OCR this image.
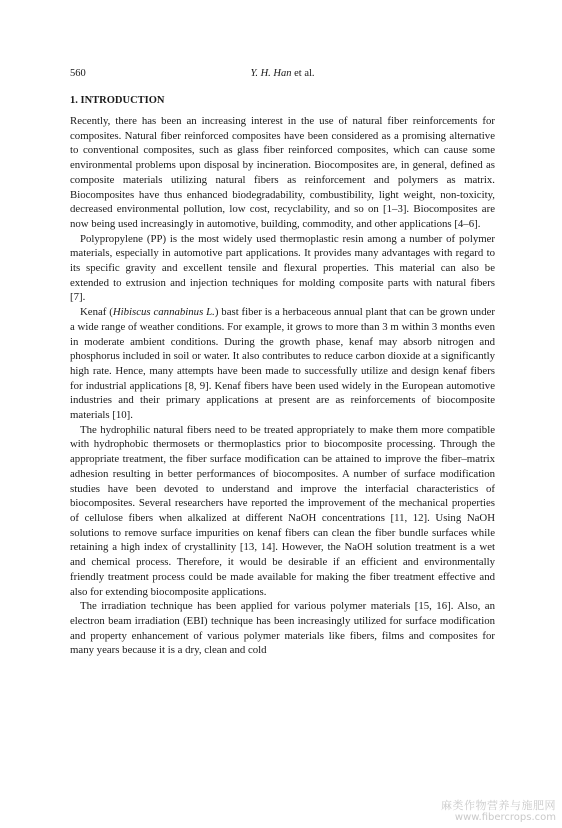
560	Y. H. Han et al.
1. INTRODUCTION

Recently, there has been an increasing interest in the use of natural fiber reinforcements for composites. Natural fiber reinforced composites have been considered as a promising alternative to conventional composites, such as glass fiber reinforced composites, which can cause some environmental problems upon disposal by incineration. Biocomposites are, in general, defined as composite materials utilizing natural fibers as reinforcement and polymers as matrix. Biocomposites have thus enhanced biodegradability, combustibility, light weight, non-toxicity, decreased environmental pollution, low cost, recyclability, and so on [1–3]. Biocomposites are now being used increasingly in automotive, building, commodity, and other applications [4–6].

Polypropylene (PP) is the most widely used thermoplastic resin among a number of polymer materials, especially in automotive part applications. It provides many advantages with regard to its specific gravity and excellent tensile and flexural properties. This material can also be extended to extrusion and injection techniques for molding composite parts with natural fibers [7].

Kenaf (Hibiscus cannabinus L.) bast fiber is a herbaceous annual plant that can be grown under a wide range of weather conditions. For example, it grows to more than 3 m within 3 months even in moderate ambient conditions. During the growth phase, kenaf may absorb nitrogen and phosphorus included in soil or water. It also contributes to reduce carbon dioxide at a significantly high rate. Hence, many attempts have been made to successfully utilize and design kenaf fibers for industrial applications [8, 9]. Kenaf fibers have been used widely in the European automotive industries and their primary applications at present are as reinforcements of biocomposite materials [10].

The hydrophilic natural fibers need to be treated appropriately to make them more compatible with hydrophobic thermosets or thermoplastics prior to biocomposite processing. Through the appropriate treatment, the fiber surface modification can be attained to improve the fiber–matrix adhesion resulting in better performances of biocomposites. A number of surface modification studies have been devoted to understand and improve the interfacial characteristics of biocomposites. Several researchers have reported the improvement of the mechanical properties of cellulose fibers when alkalized at different NaOH concentrations [11, 12]. Using NaOH solutions to remove surface impurities on kenaf fibers can clean the fiber bundle surfaces while retaining a high index of crystallinity [13, 14]. However, the NaOH solution treatment is a wet and chemical process. Therefore, it would be desirable if an efficient and environmentally friendly treatment process could be made available for making the fiber treatment effective and also for extending biocomposite applications.

The irradiation technique has been applied for various polymer materials [15, 16]. Also, an electron beam irradiation (EBI) technique has been increasingly utilized for surface modification and property enhancement of various polymer materials like fibers, films and composites for many years because it is a dry, clean and cold

麻类作物营养与施肥网
www.fibercrops.com
